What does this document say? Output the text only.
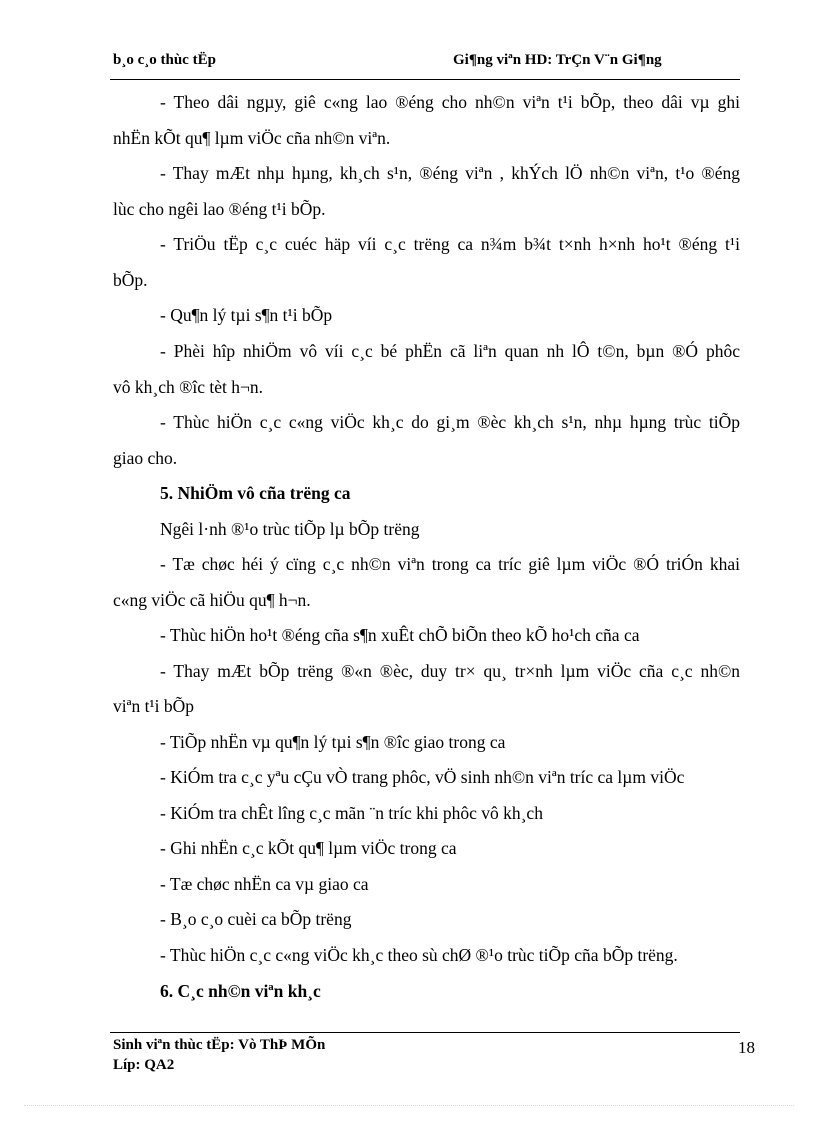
b¸o c¸o thùc tËp	Gi¶ng viªn HD: TrÇn V¨n Gi¶ng
- Theo dâi ngµy, giê c«ng lao ®éng cho nh©n viªn t¹i bÕp, theo dâi vµ ghi
nhËn kÕt qu¶ lµm viÖc cña nh©n viªn.
- Thay mÆt nhµ hµng, kh¸ch s¹n, ®éng viªn , khÝch lÖ nh©n viªn, t¹o ®éng
lùc cho ngêi lao ®éng t¹i bÕp.
- TriÖu tËp c¸c cuéc häp víi c¸c trëng ca n¾m b¾t t×nh h×nh ho¹t ®éng t¹i
bÕp.
- Qu¶n lý tµi s¶n t¹i bÕp
- Phèi hîp nhiÖm vô víi c¸c bé phËn cã liªn quan nh lÔ t©n, bµn ®Ó phôc
vô kh¸ch ®îc tèt h¬n.
- Thùc hiÖn c¸c c«ng viÖc kh¸c do gi¸m ®èc kh¸ch s¹n, nhµ hµng trùc tiÕp
giao cho.
5. NhiÖm vô cña trëng ca
Ngêi l·nh ®¹o trùc tiÕp lµ bÕp trëng
- Tæ chøc héi ý cïng c¸c nh©n viªn trong ca tríc giê lµm viÖc ®Ó triÓn khai
c«ng viÖc cã hiÖu qu¶ h¬n.
- Thùc hiÖn ho¹t ®éng cña s¶n xuÊt chÕ biÕn theo kÕ ho¹ch cña ca
- Thay mÆt bÕp trëng ®«n ®èc, duy tr× qu¸ tr×nh lµm viÖc cña c¸c nh©n
viªn t¹i bÕp
- TiÕp nhËn vµ qu¶n lý tµi s¶n ®îc giao trong ca
- KiÓm tra c¸c yªu cÇu vÒ trang phôc, vÖ sinh nh©n viªn tríc ca lµm viÖc
- KiÓm tra chÊt lîng c¸c mãn ¨n tríc khi phôc vô kh¸ch
- Ghi nhËn c¸c kÕt qu¶ lµm viÖc trong ca
- Tæ chøc nhËn ca vµ giao ca
- B¸o c¸o cuèi ca bÕp trëng
- Thùc hiÖn c¸c c«ng viÖc kh¸c theo sù chØ ®¹o trùc tiÕp cña bÕp trëng.
6. C¸c nh©n viªn kh¸c
Sinh viªn thùc tËp: Vò ThÞ MÕn
Líp: QA2
18
